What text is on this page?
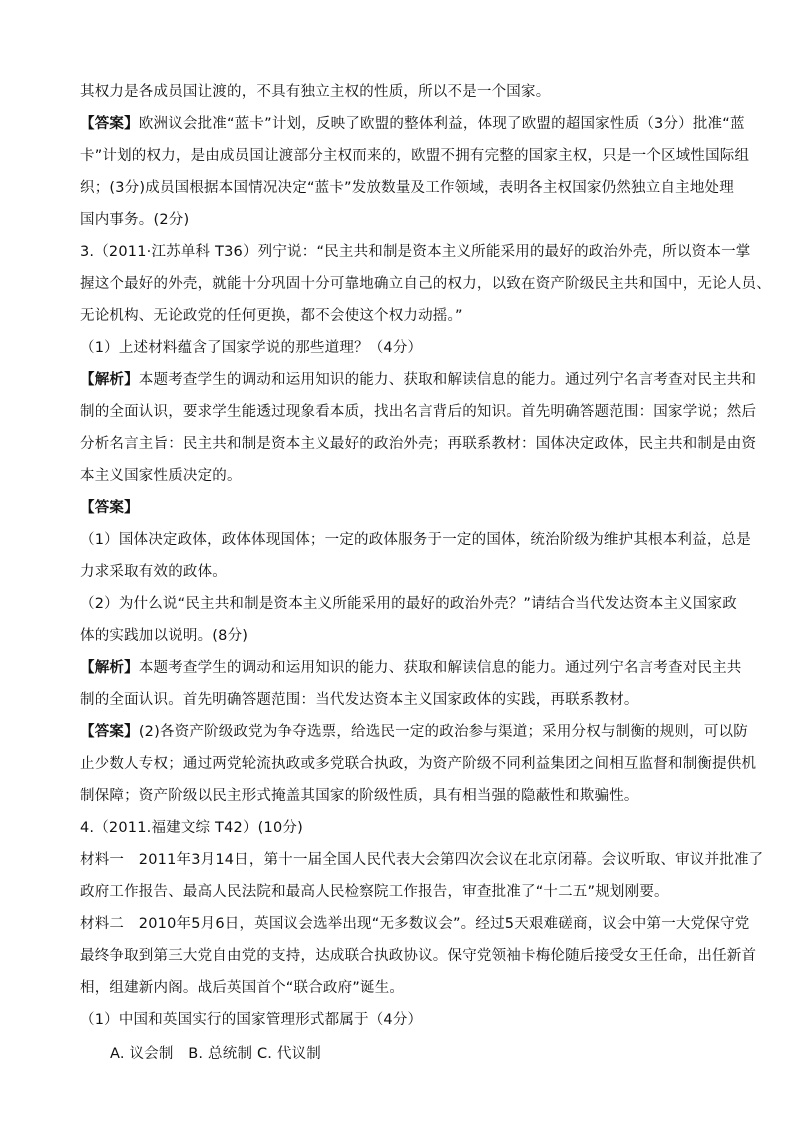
其权力是各成员国让渡的，不具有独立主权的性质，所以不是一个国家。
【答案】欧洲议会批准“蓝卡”计划，反映了欧盟的整体利益，体现了欧盟的超国家性质（3分）批准“蓝
卡”计划的权力，是由成员国让渡部分主权而来的，欧盟不拥有完整的国家主权，只是一个区域性国际组
织；(3分)成员国根据本国情况决定“蓝卡”发放数量及工作领域，表明各主权国家仍然独立自主地处理
国内事务。(2分)
3.（2011·江苏单科 T36）列宁说：“民主共和制是资本主义所能采用的最好的政治外壳，所以资本一掌
握这个最好的外壳，就能十分巩固十分可靠地确立自己的权力，以致在资产阶级民主共和国中，无论人员、
无论机构、无论政党的任何更换，都不会使这个权力动摇。”
（1）上述材料蕴含了国家学说的那些道理？（4分）
【解析】本题考查学生的调动和运用知识的能力、获取和解读信息的能力。通过列宁名言考查对民主共和
制的全面认识，要求学生能透过现象看本质，找出名言背后的知识。首先明确答题范围：国家学说；然后
分析名言主旨：民主共和制是资本主义最好的政治外壳；再联系教材：国体决定政体，民主共和制是由资
本主义国家性质决定的。
【答案】
（1）国体决定政体，政体体现国体；一定的政体服务于一定的国体，统治阶级为维护其根本利益，总是
力求采取有效的政体。
（2）为什么说“民主共和制是资本主义所能采用的最好的政治外壳？”请结合当代发达资本主义国家政
体的实践加以说明。(8分)
【解析】本题考查学生的调动和运用知识的能力、获取和解读信息的能力。通过列宁名言考查对民主共
制的全面认识。首先明确答题范围：当代发达资本主义国家政体的实践，再联系教材。
【答案】(2)各资产阶级政党为争夺选票，给选民一定的政治参与渠道；采用分权与制衡的规则，可以防
止少数人专权；通过两党轮流执政或多党联合执政，为资产阶级不同利益集团之间相互监督和制衡提供机
制保障；资产阶级以民主形式掩盖其国家的阶级性质，具有相当强的隐蔽性和欺骗性。
4.（2011.福建文综 T42）(10分)
材料一　2011年3月14日，第十一届全国人民代表大会第四次会议在北京闭幕。会议听取、审议并批准了
政府工作报告、最高人民法院和最高人民检察院工作报告，审查批准了“十二五”规划刚要。
材料二　2010年5月6日，英国议会选举出现“无多数议会”。经过5天艰难磋商，议会中第一大党保守党
最终争取到第三大党自由党的支持，达成联合执政协议。保守党领袖卡梅伦随后接受女王任命，出任新首
相，组建新内阁。战后英国首个“联合政府”诞生。
（1）中国和英国实行的国家管理形式都属于（4分）
A. 议会制　B. 总统制 C. 代议制
